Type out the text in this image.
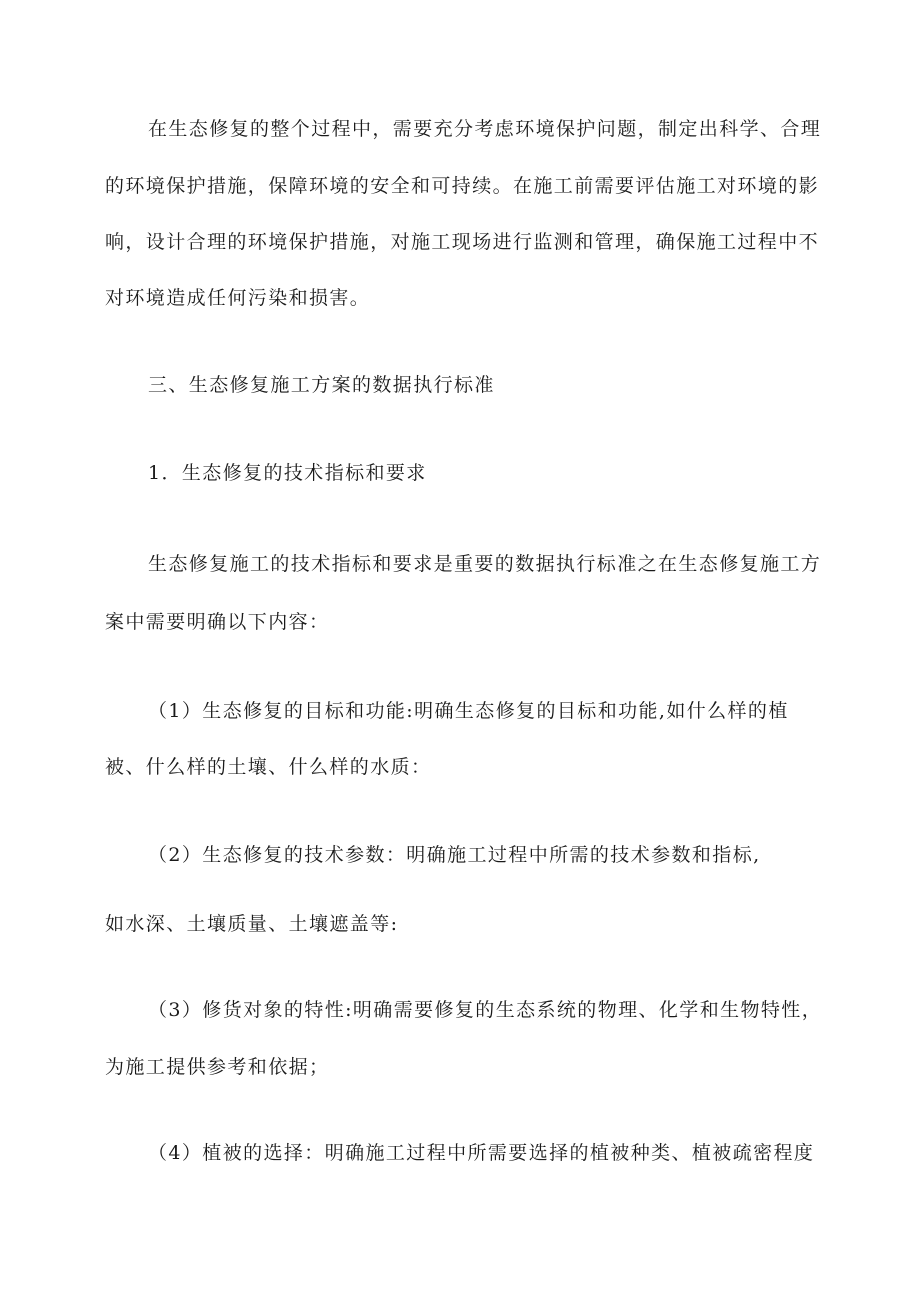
在生态修复的整个过程中，需要充分考虑环境保护问题，制定出科学、合理
的环境保护措施，保障环境的安全和可持续。在施工前需要评估施工对环境的影
响，设计合理的环境保护措施，对施工现场进行监测和管理，确保施工过程中不
对环境造成任何污染和损害。
三、生态修复施工方案的数据执行标准
1．生态修复的技术指标和要求
生态修复施工的技术指标和要求是重要的数据执行标准之在生态修复施工方
案中需要明确以下内容：
（1）生态修复的目标和功能:明确生态修复的目标和功能,如什么样的植
被、什么样的土壤、什么样的水质：
（2）生态修复的技术参数：明确施工过程中所需的技术参数和指标,
如水深、土壤质量、土壤遮盖等:
（3）修货对象的特性:明确需要修复的生态系统的物理、化学和生物特性，
为施工提供参考和依据；
（4）植被的选择：明确施工过程中所需要选择的植被种类、植被疏密程度
